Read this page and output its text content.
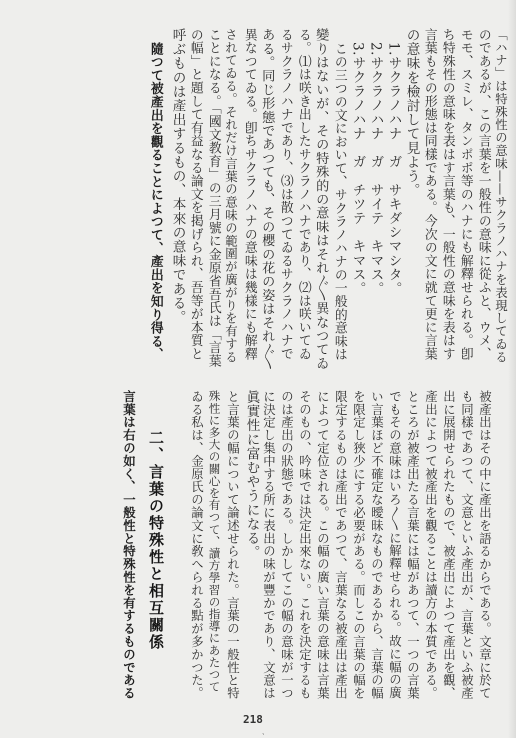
「ハナ」は特殊性の意味——サクラノハナを表現してゐる

のであるが、この言葉を一般性の意味に從ふと、ウメ、

モモ、スミレ、タンポポ等のハナにも解釋せられる。卽

ち特殊性の意味を表はす言葉も、一般性の意味を表はす

言葉もその形態は同樣である。今次の文に就て更に言葉

の意味を檢討して見よう。

1.サクラノハナ　ガ　サキダシマシタ。

2.サクラノハナ　ガ　サイテ　キマス。

3.サクラノハナ　ガ　チツテ　キマス。

この三つの文において、サクラノハナの一般的意味は

變りはないが、その特殊的の意味はそれ〴〵異なつてゐ

る。⑴は咲き出したサクラノハナであり、⑵は咲いてゐ

るサクラノハナであり、⑶は散つてゐるサクラノハナで

ある。同じ形態であつても、その櫻の花の姿はそれ〴〵

異なつてゐる。卽ちサクラノハナの意味は幾樣にも解釋

されてゐる。それだけ言葉の意味の範圍が廣がりを有する

ことになる。「國文教育」の三月號に金原省吾氏は「言葉

の幅」と題して有益なる論文を掲げられ、吾等が本質と

呼ぶものは產出するもの、本來の意味である。

隨つて被產出を觀ることによつて、產出を知り得る、

被產出はその中に產出を語るからである。文章に於て

も同樣であつて、文意といふ產出が、言葉といふ被產

出に展開せられたもので、被產出によつて產出を觀、

產出によつて被產出を觀ることは讀方の本質である。

ところが被產出たる言葉には幅があつて、一つの言葉

でもその意味はいろ〳〵に解釋せられる。故に幅の廣

い言葉ほど不確定な曖昧なものであるから、言葉の幅

を限定し狹少にする必要がある。而しこの言葉の幅を

限定するものは產出であつて、言葉なる被產出は產出

によつて定位される。この幅の廣い言葉の意味は言葉

そのもの、吟味では決定出來ない。これを決定するも

のは產出の狀態である。しかしてこの幅の意味が一つ

に決定し集中する所に表出の味が豐かであり、文意は

眞實性に富むやうになる。

と言葉の幅について論述せられた。言葉の一般性と特

殊性に多大の關心を有つて、讀方學習の指導にあたつて

ゐる私は、金原氏の論文に敎へられる點が多かつた。

二、言葉の特殊性と相互關係

言葉は右の如く、一般性と特殊性を有するものである

218

、
